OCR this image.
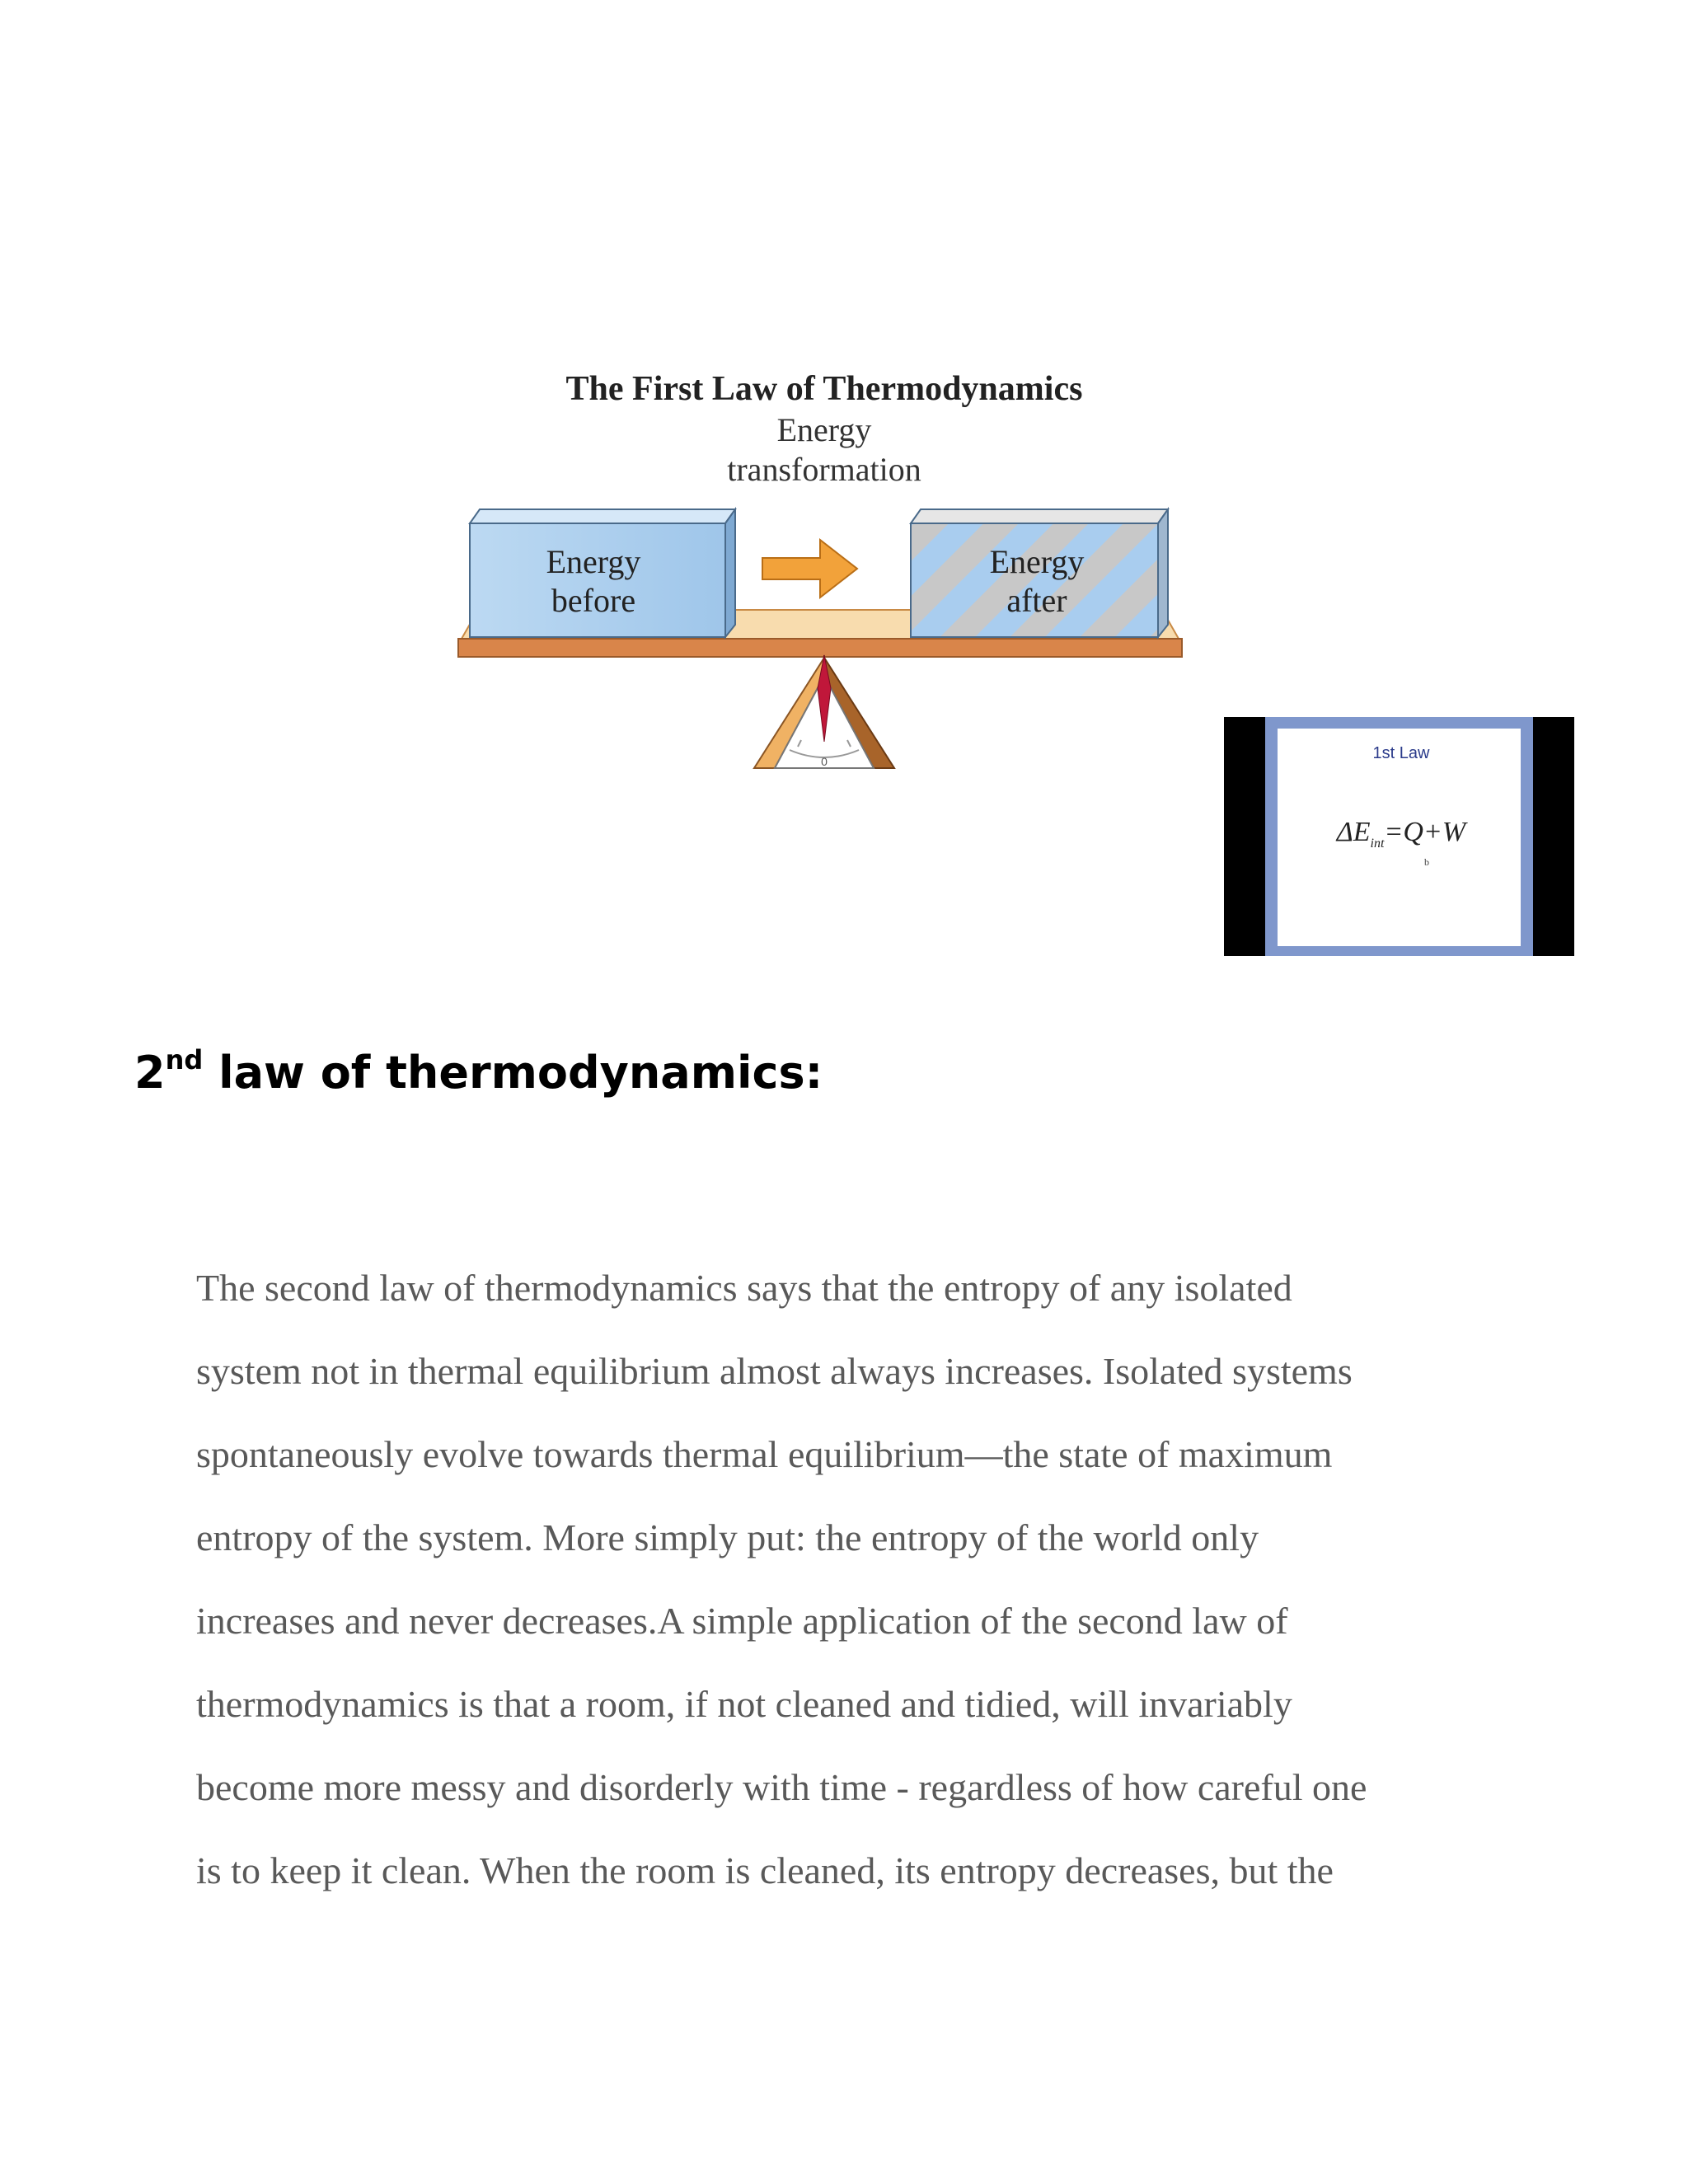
The First Law of Thermodynamics
Energy
transformation
Energy
before
Energy
after
0	1st Law
$\Delta E_{int}=Q+W$
b
2nd law of thermodynamics:

The second law of thermodynamics says that the entropy of any isolated
system not in thermal equilibrium almost always increases. Isolated systems
spontaneously evolve towards thermal equilibrium—the state of maximum
entropy of the system. More simply put: the entropy of the world only
increases and never decreases.A simple application of the second law of
thermodynamics is that a room, if not cleaned and tidied, will invariably
become more messy and disorderly with time - regardless of how careful one
is to keep it clean. When the room is cleaned, its entropy decreases, but the
